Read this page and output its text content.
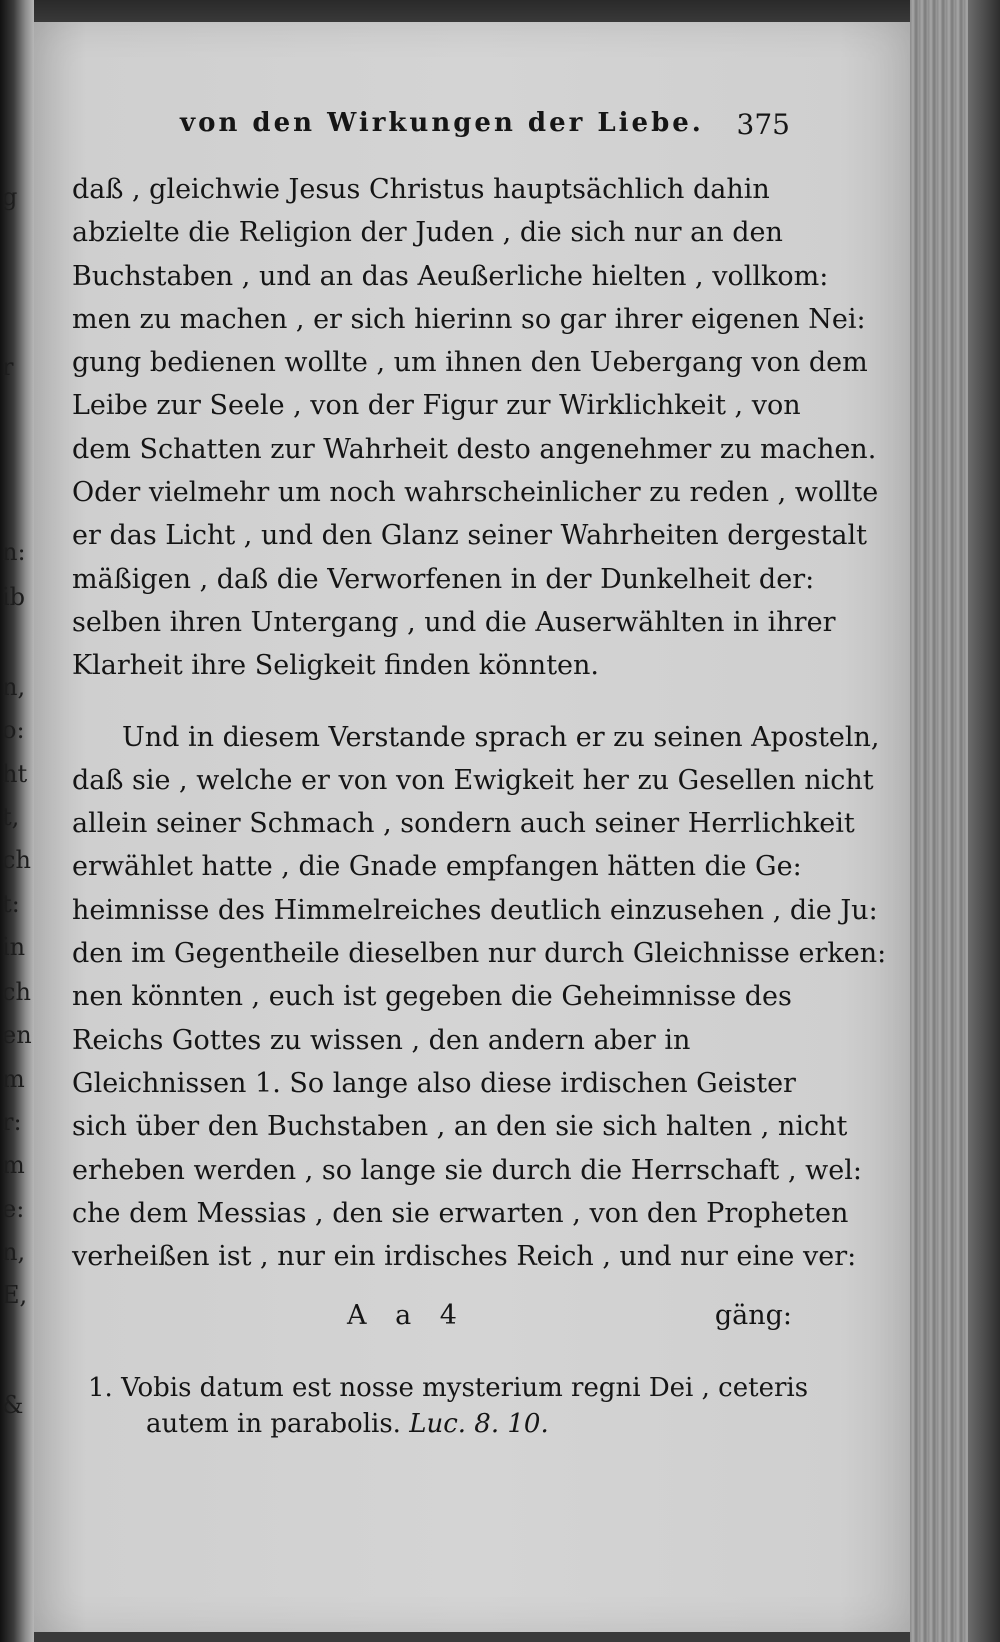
g
r
n:
ib
n,
o:
ht
t,
ch
t:
in
ch
en
m
r:
m
e:
n,
E,
&
von den Wirkungen der Liebe. 375
daß , gleichwie Jesus Christus hauptsächlich dahin
abzielte die Religion der Juden , die sich nur an den
Buchstaben , und an das Aeußerliche hielten , vollkom:
men zu machen , er sich hierinn so gar ihrer eigenen Nei:
gung bedienen wollte , um ihnen den Uebergang von dem
Leibe zur Seele , von der Figur zur Wirklichkeit , von
dem Schatten zur Wahrheit desto angenehmer zu machen.
Oder vielmehr um noch wahrscheinlicher zu reden , wollte
er das Licht , und den Glanz seiner Wahrheiten dergestalt
mäßigen , daß die Verworfenen in der Dunkelheit der:
selben ihren Untergang , und die Auserwählten in ihrer
Klarheit ihre Seligkeit finden könnten.
Und in diesem Verstande sprach er zu seinen Aposteln,
daß sie , welche er von von Ewigkeit her zu Gesellen nicht
allein seiner Schmach , sondern auch seiner Herrlichkeit
erwählet hatte , die Gnade empfangen hätten die Ge:
heimnisse des Himmelreiches deutlich einzusehen , die Ju:
den im Gegentheile dieselben nur durch Gleichnisse erken:
nen könnten , euch ist gegeben die Geheimnisse des
Reichs Gottes zu wissen , den andern aber in
Gleichnissen 1. So lange also diese irdischen Geister
sich über den Buchstaben , an den sie sich halten , nicht
erheben werden , so lange sie durch die Herrschaft , wel:
che dem Messias , den sie erwarten , von den Propheten
verheißen ist , nur ein irdisches Reich , und nur eine ver:
A a 4	gäng:
1. Vobis datum est nosse mysterium regni Dei , ceteris
autem in parabolis. Luc. 8. 10.
